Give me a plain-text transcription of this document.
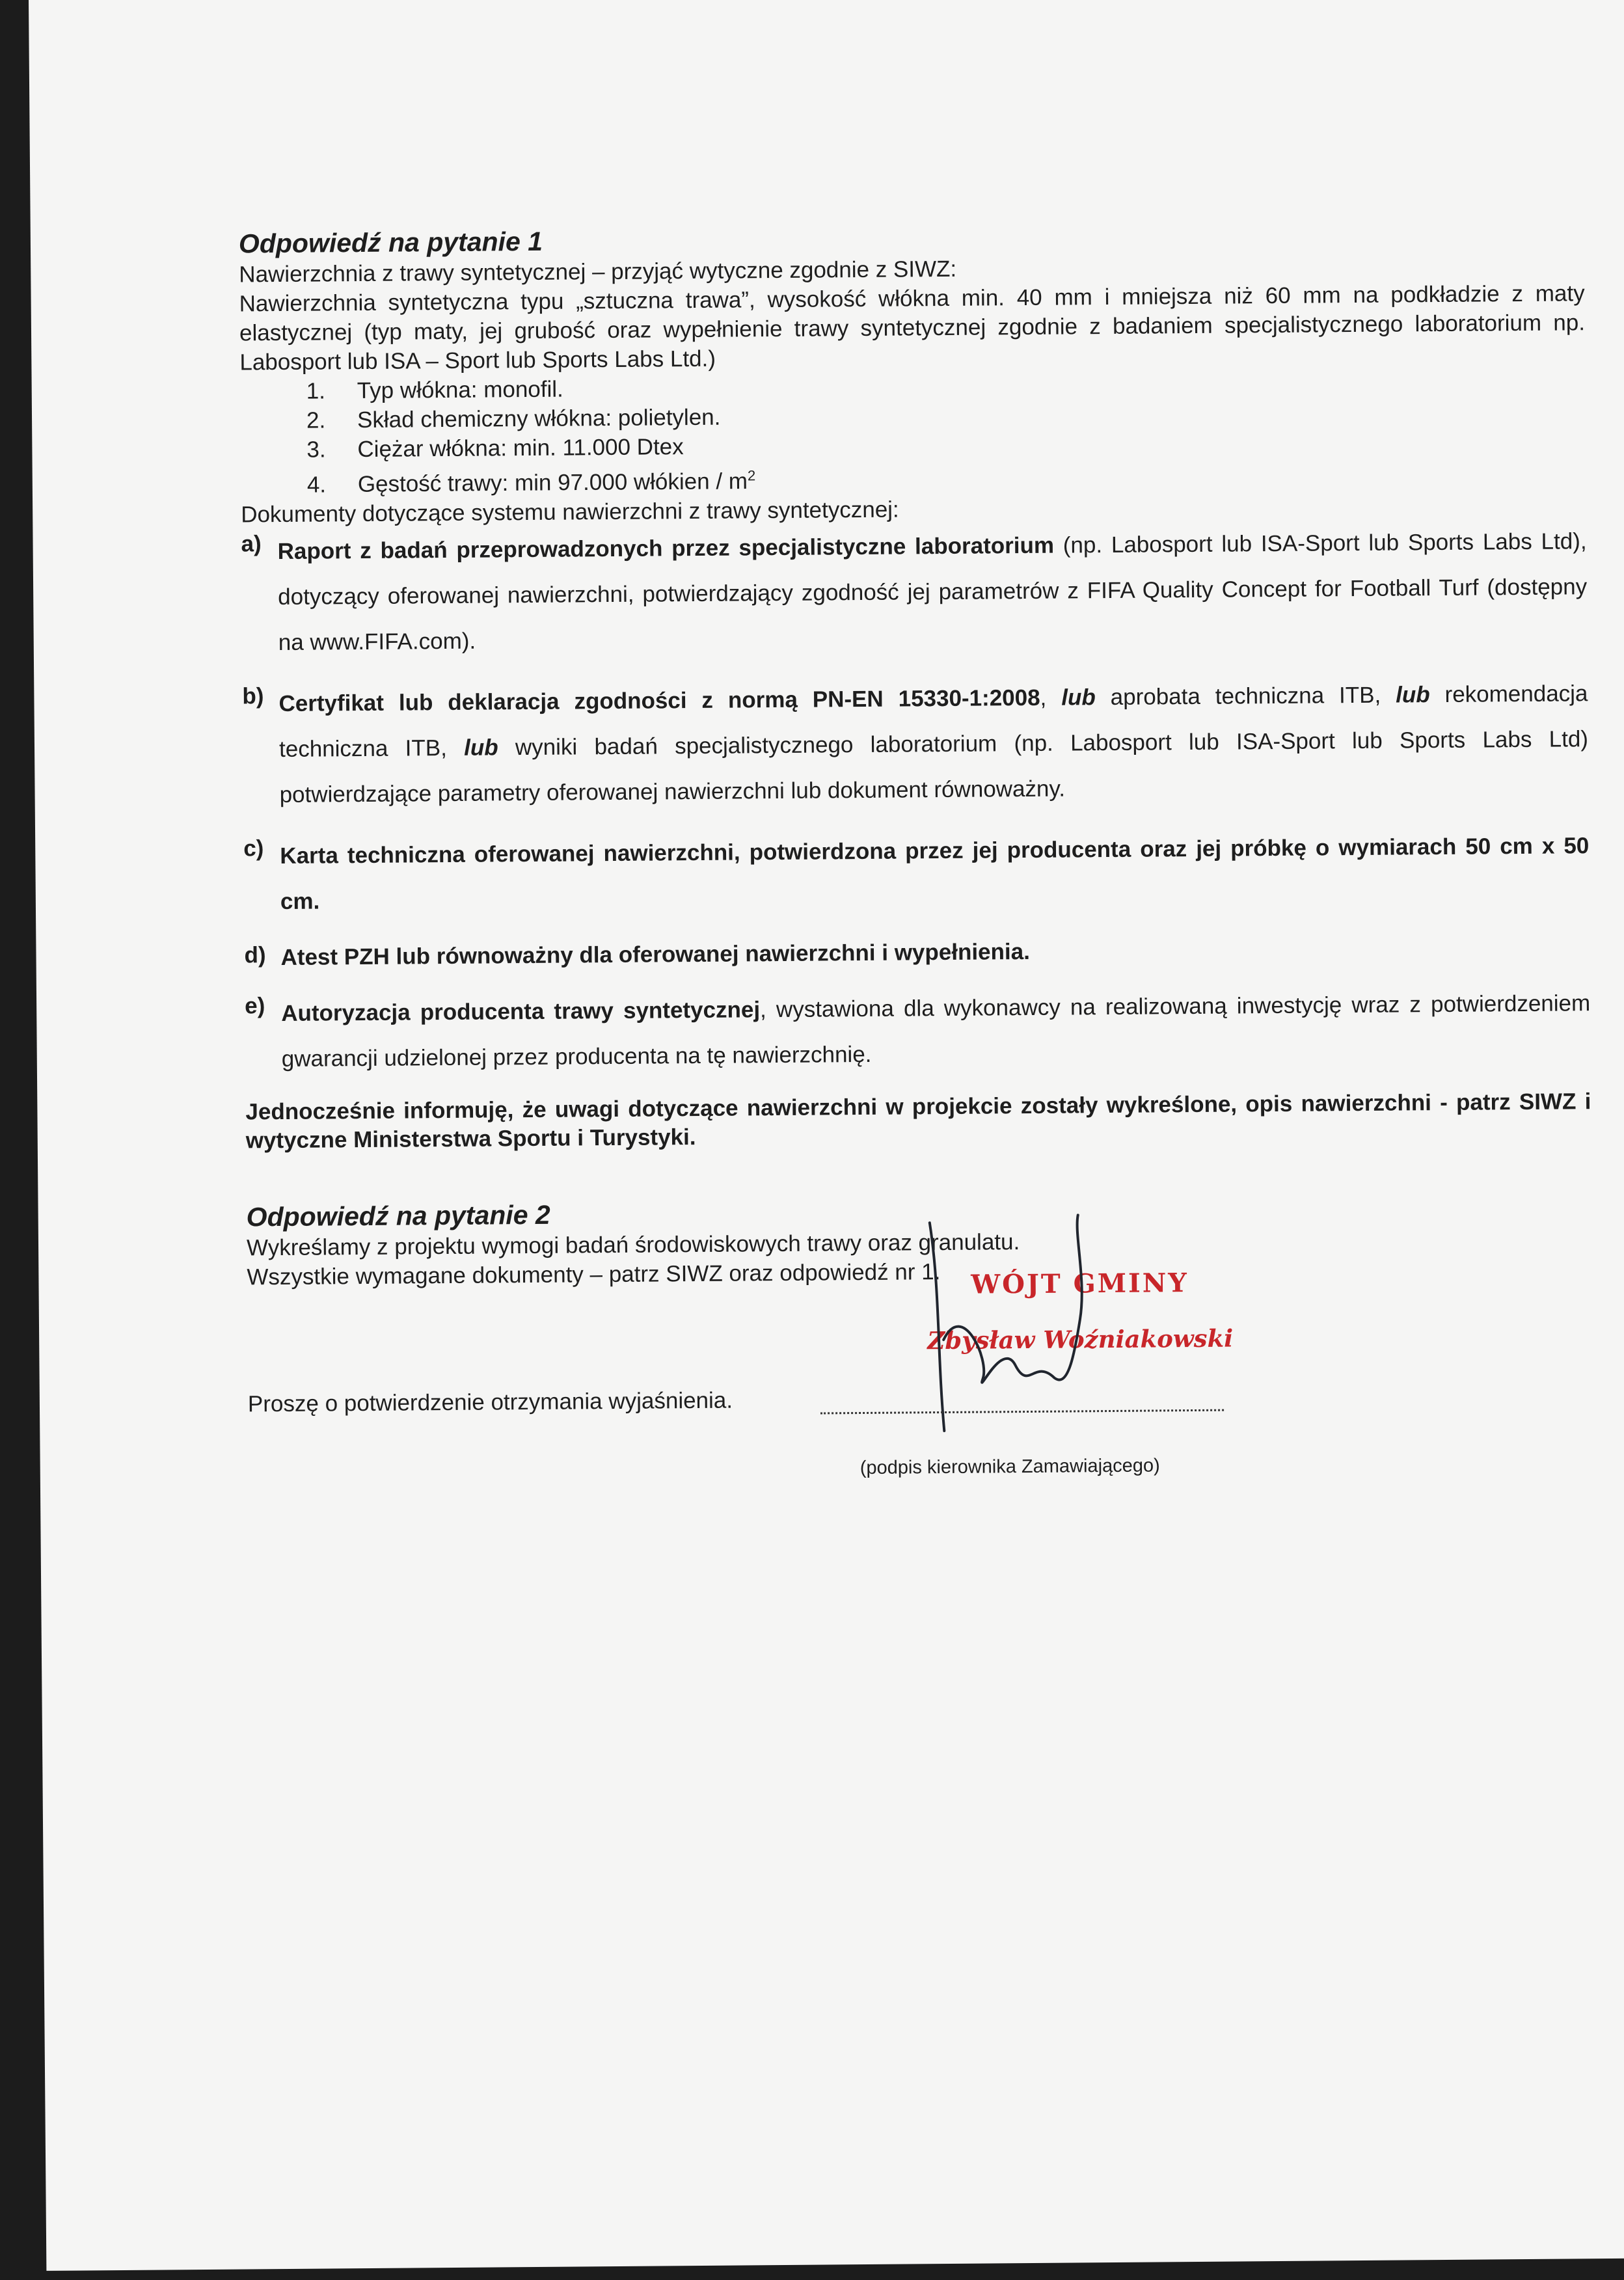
Odpowiedź na pytanie 1

Nawierzchnia z trawy syntetycznej – przyjąć wytyczne zgodnie z SIWZ:

Nawierzchnia syntetyczna typu „sztuczna trawa”, wysokość włókna min. 40 mm i mniejsza niż 60 mm na podkładzie z maty elastycznej (typ maty, jej grubość oraz wypełnienie trawy syntetycznej zgodnie z badaniem specjalistycznego laboratorium np. Labosport lub ISA – Sport lub Sports Labs Ltd.)

1. Typ włókna: monofil.
2. Skład chemiczny włókna: polietylen.
3. Ciężar włókna: min. 11.000 Dtex
4. Gęstość trawy: min 97.000 włókien / $m^2$

Dokumenty dotyczące systemu nawierzchni z trawy syntetycznej:

a) Raport z badań przeprowadzonych przez specjalistyczne laboratorium (np. Labosport lub ISA-Sport lub Sports Labs Ltd), dotyczący oferowanej nawierzchni, potwierdzający zgodność jej parametrów z FIFA Quality Concept for Football Turf (dostępny na www.FIFA.com).
b) Certyfikat lub deklaracja zgodności z normą PN-EN 15330-1:2008, lub aprobata techniczna ITB, lub rekomendacja techniczna ITB, lub wyniki badań specjalistycznego laboratorium (np. Labosport lub ISA-Sport lub Sports Labs Ltd) potwierdzające parametry oferowanej nawierzchni lub dokument równoważny.
c) Karta techniczna oferowanej nawierzchni, potwierdzona przez jej producenta oraz jej próbkę o wymiarach 50 cm x 50 cm.
d) Atest PZH lub równoważny dla oferowanej nawierzchni i wypełnienia.
e) Autoryzacja producenta trawy syntetycznej, wystawiona dla wykonawcy na realizowaną inwestycję wraz z potwierdzeniem gwarancji udzielonej przez producenta na tę nawierzchnię.

Jednocześnie informuję, że uwagi dotyczące nawierzchni w projekcie zostały wykreślone, opis nawierzchni - patrz SIWZ i wytyczne Ministerstwa Sportu i Turystyki.

Odpowiedź na pytanie 2

Wykreślamy z projektu wymogi badań środowiskowych trawy oraz granulatu.

Wszystkie wymagane dokumenty – patrz SIWZ oraz odpowiedź nr 1.

Proszę o potwierdzenie otrzymania wyjaśnienia.

WÓJT GMINY
Zbysław Woźniakowski
(podpis kierownika Zamawiającego)
